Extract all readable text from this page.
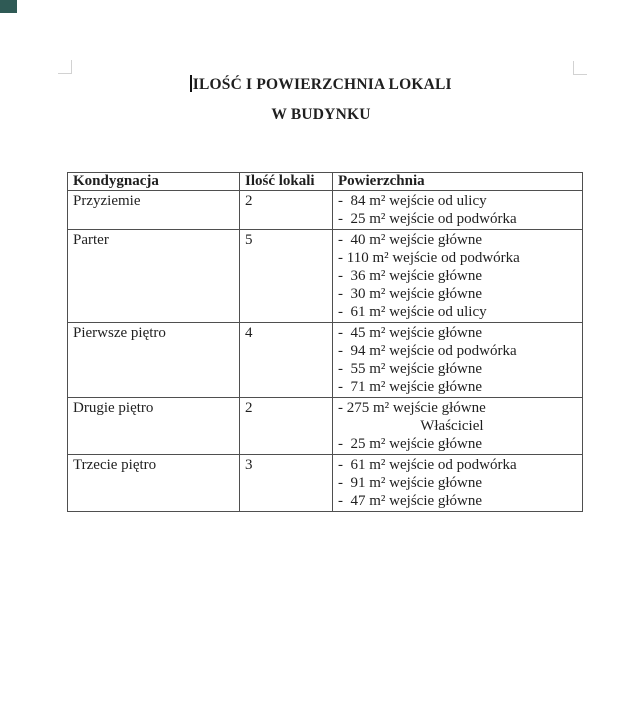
ILOŚĆ I POWIERZCHNIA LOKALI
W BUDYNKU
Kondygnacja	Ilość lokali	Powierzchnia
Przyziemie	2	-  84 m² wejście od ulicy
-  25 m² wejście od podwórka

Parter	5	-  40 m² wejście główne
- 110 m² wejście od podwórka
-  36 m² wejście główne
-  30 m² wejście główne
-  61 m² wejście od ulicy

Pierwsze piętro	4	-  45 m² wejście główne
-  94 m² wejście od podwórka
-  55 m² wejście główne
-  71 m² wejście główne

Drugie piętro	2	- 275 m² wejście główne
Właściciel
-  25 m² wejście główne

Trzecie piętro	3	-  61 m² wejście od podwórka
-  91 m² wejście główne
-  47 m² wejście główne
